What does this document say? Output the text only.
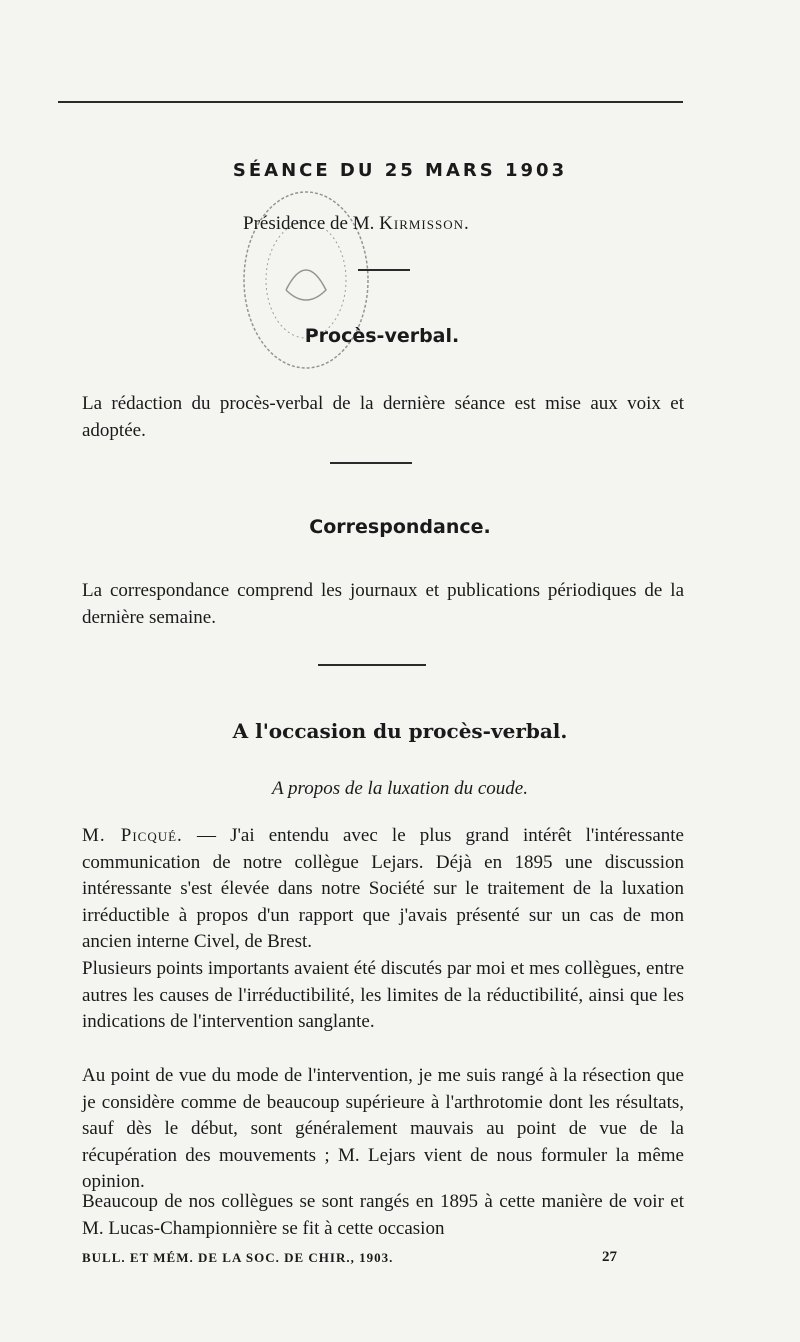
SÉANCE DU 25 MARS 1903
Présidence de M. Kirmisson.
Procès-verbal.
La rédaction du procès-verbal de la dernière séance est mise aux voix et adoptée.
Correspondance.
La correspondance comprend les journaux et publications périodiques de la dernière semaine.
A l'occasion du procès-verbal.
A propos de la luxation du coude.
M. Picqué. — J'ai entendu avec le plus grand intérêt l'intéressante communication de notre collègue Lejars. Déjà en 1895 une discussion intéressante s'est élevée dans notre Société sur le traitement de la luxation irréductible à propos d'un rapport que j'avais présenté sur un cas de mon ancien interne Civel, de Brest.
Plusieurs points importants avaient été discutés par moi et mes collègues, entre autres les causes de l'irréductibilité, les limites de la réductibilité, ainsi que les indications de l'intervention sanglante.
Au point de vue du mode de l'intervention, je me suis rangé à la résection que je considère comme de beaucoup supérieure à l'arthrotomie dont les résultats, sauf dès le début, sont généralement mauvais au point de vue de la récupération des mouvements ; M. Lejars vient de nous formuler la même opinion.
Beaucoup de nos collègues se sont rangés en 1895 à cette manière de voir et M. Lucas-Championnière se fit à cette occasion
BULL. ET MÉM. DE LA SOC. DE CHIR., 1903.	27
